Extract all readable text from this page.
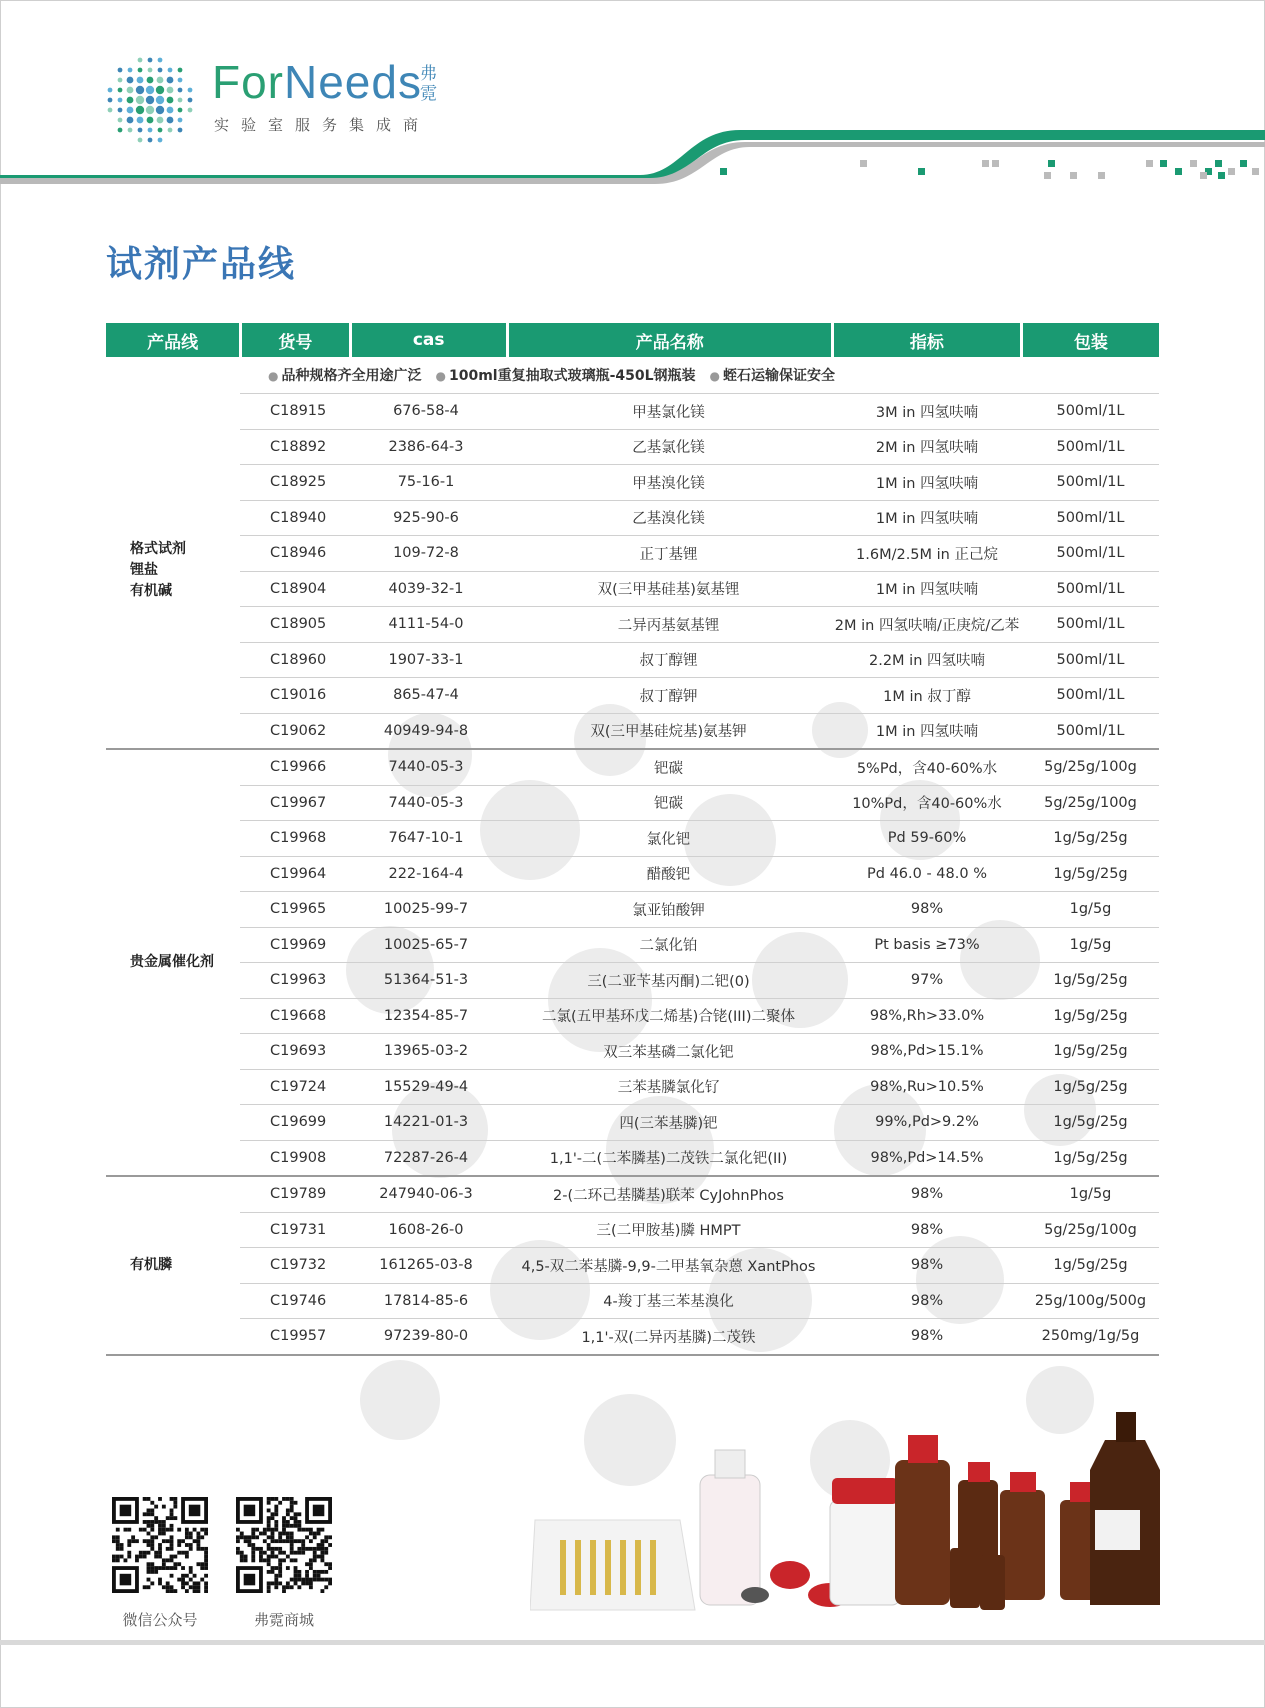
ForNeeds
弗霓
实验室服务集成商
试剂产品线
产品线	货号	cas	产品名称	指标	包装
● 品种规格齐全用途广泛 ● 100ml重复抽取式玻璃瓶-450L钢瓶装 ● 蛭石运输保证安全
格式试剂
锂盐
有机碱
C18915	676-58-4	甲基氯化镁	3M in 四氢呋喃	500ml/1L
C18892	2386-64-3	乙基氯化镁	2M in 四氢呋喃	500ml/1L
C18925	75-16-1	甲基溴化镁	1M in 四氢呋喃	500ml/1L
C18940	925-90-6	乙基溴化镁	1M in 四氢呋喃	500ml/1L
C18946	109-72-8	正丁基锂	1.6M/2.5M in 正己烷	500ml/1L
C18904	4039-32-1	双(三甲基硅基)氨基锂	1M in 四氢呋喃	500ml/1L
C18905	4111-54-0	二异丙基氨基锂	2M in 四氢呋喃/正庚烷/乙苯	500ml/1L
C18960	1907-33-1	叔丁醇锂	2.2M in 四氢呋喃	500ml/1L
C19016	865-47-4	叔丁醇钾	1M in 叔丁醇	500ml/1L
C19062	40949-94-8	双(三甲基硅烷基)氨基钾	1M in 四氢呋喃	500ml/1L
贵金属催化剂
C19966	7440-05-3	钯碳	5%Pd，含40-60%水	5g/25g/100g
C19967	7440-05-3	钯碳	10%Pd，含40-60%水	5g/25g/100g
C19968	7647-10-1	氯化钯	Pd 59-60%	1g/5g/25g
C19964	222-164-4	醋酸钯	Pd 46.0 - 48.0 %	1g/5g/25g
C19965	10025-99-7	氯亚铂酸钾	98%	1g/5g
C19969	10025-65-7	二氯化铂	Pt basis ≥73%	1g/5g
C19963	51364-51-3	三(二亚苄基丙酮)二钯(0)	97%	1g/5g/25g
C19668	12354-85-7	二氯(五甲基环戊二烯基)合铑(III)二聚体	98%,Rh>33.0%	1g/5g/25g
C19693	13965-03-2	双三苯基磷二氯化钯	98%,Pd>15.1%	1g/5g/25g
C19724	15529-49-4	三苯基膦氯化钌	98%,Ru>10.5%	1g/5g/25g
C19699	14221-01-3	四(三苯基膦)钯	99%,Pd>9.2%	1g/5g/25g
C19908	72287-26-4	1,1'-二(二苯膦基)二茂铁二氯化钯(II)	98%,Pd>14.5%	1g/5g/25g
有机膦
C19789	247940-06-3	2-(二环己基膦基)联苯 CyJohnPhos	98%	1g/5g
C19731	1608-26-0	三(二甲胺基)膦 HMPT	98%	5g/25g/100g
C19732	161265-03-8	4,5-双二苯基膦-9,9-二甲基氧杂蒽 XantPhos	98%	1g/5g/25g
C19746	17814-85-6	4-羧丁基三苯基溴化	98%	25g/100g/500g
C19957	97239-80-0	1,1'-双(二异丙基膦)二茂铁	98%	250mg/1g/5g
微信公众号	弗霓商城
